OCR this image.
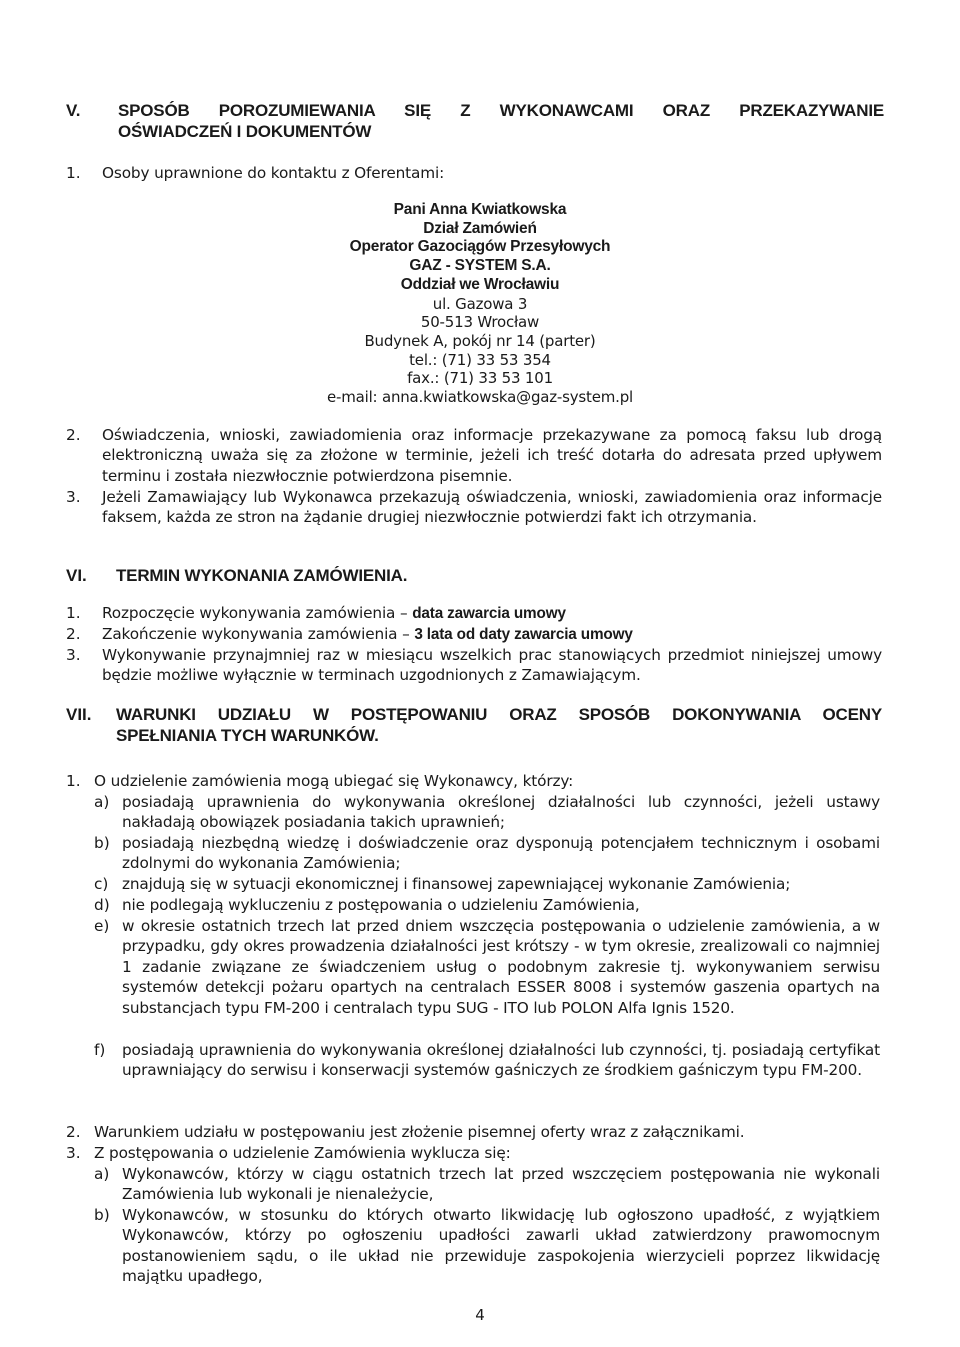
V. SPOSÓB POROZUMIEWANIA SIĘ Z WYKONAWCAMI ORAZ PRZEKAZYWANIE
OŚWIADCZEŃ I DOKUMENTÓW
1. Osoby uprawnione do kontaktu z Oferentami:
Pani Anna Kwiatkowska
Dział Zamówień
Operator Gazociągów Przesyłowych
GAZ - SYSTEM S.A.
Oddział we Wrocławiu
ul. Gazowa 3
50-513 Wrocław
Budynek A, pokój nr 14 (parter)
tel.: (71) 33 53 354
fax.: (71) 33 53 101
e-mail: anna.kwiatkowska@gaz-system.pl
2. Oświadczenia, wnioski, zawiadomienia oraz informacje przekazywane za pomocą faksu lub drogą elektroniczną uważa się za złożone w terminie, jeżeli ich treść dotarła do adresata przed upływem terminu i została niezwłocznie potwierdzona pisemnie.
3. Jeżeli Zamawiający lub Wykonawca przekazują oświadczenia, wnioski, zawiadomienia oraz informacje faksem, każda ze stron na żądanie drugiej niezwłocznie potwierdzi fakt ich otrzymania.
VI. TERMIN WYKONANIA ZAMÓWIENIA.
1. Rozpoczęcie wykonywania zamówienia – data zawarcia umowy
2. Zakończenie wykonywania zamówienia – 3 lata od daty zawarcia umowy
3. Wykonywanie przynajmniej raz w miesiącu wszelkich prac stanowiących przedmiot niniejszej umowy będzie możliwe wyłącznie w terminach uzgodnionych z Zamawiającym.
VII. WARUNKI UDZIAŁU W POSTĘPOWANIU ORAZ SPOSÓB DOKONYWANIA OCENY
SPEŁNIANIA TYCH WARUNKÓW.
1. O udzielenie zamówienia mogą ubiegać się Wykonawcy, którzy:
a) posiadają uprawnienia do wykonywania określonej działalności lub czynności, jeżeli ustawy nakładają obowiązek posiadania takich uprawnień;
b) posiadają niezbędną wiedzę i doświadczenie oraz dysponują potencjałem technicznym i osobami zdolnymi do wykonania Zamówienia;
c) znajdują się w sytuacji ekonomicznej i finansowej zapewniającej wykonanie Zamówienia;
d) nie podlegają wykluczeniu z postępowania o udzieleniu Zamówienia,
e) w okresie ostatnich trzech lat przed dniem wszczęcia postępowania o udzielenie zamówienia, a w przypadku, gdy okres prowadzenia działalności jest krótszy - w tym okresie, zrealizowali co najmniej 1 zadanie związane ze świadczeniem usług o podobnym zakresie tj. wykonywaniem serwisu systemów detekcji pożaru opartych na centralach ESSER 8008 i systemów gaszenia opartych na substancjach typu FM-200 i centralach typu SUG - ITO lub POLON Alfa Ignis 1520.
f) posiadają uprawnienia do wykonywania określonej działalności lub czynności, tj. posiadają certyfikat uprawniający do serwisu i konserwacji systemów gaśniczych ze środkiem gaśniczym typu FM-200.
2. Warunkiem udziału w postępowaniu jest złożenie pisemnej oferty wraz z załącznikami.
3. Z postępowania o udzielenie Zamówienia wyklucza się:
a) Wykonawców, którzy w ciągu ostatnich trzech lat przed wszczęciem postępowania nie wykonali Zamówienia lub wykonali je nienależycie,
b) Wykonawców, w stosunku do których otwarto likwidację lub ogłoszono upadłość, z wyjątkiem Wykonawców, którzy po ogłoszeniu upadłości zawarli układ zatwierdzony prawomocnym postanowieniem sądu, o ile układ nie przewiduje zaspokojenia wierzycieli poprzez likwidację majątku upadłego,
4
